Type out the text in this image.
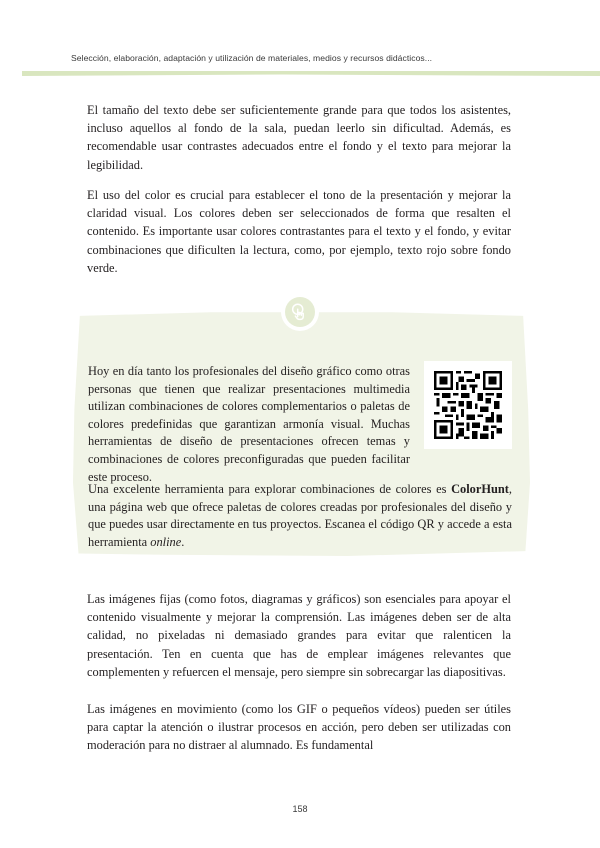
Selección, elaboración, adaptación y utilización de materiales, medios y recursos didácticos...

El tamaño del texto debe ser suficientemente grande para que todos los asistentes, incluso aquellos al fondo de la sala, puedan leerlo sin dificultad. Además, es recomendable usar contrastes adecuados entre el fondo y el texto para mejorar la legibilidad.

El uso del color es crucial para establecer el tono de la presentación y mejorar la claridad visual. Los colores deben ser seleccionados de forma que resalten el contenido. Es importante usar colores contrastantes para el texto y el fondo, y evitar combinaciones que dificulten la lectura, como, por ejemplo, texto rojo sobre fondo verde.

Hoy en día tanto los profesionales del diseño gráfico como otras personas que tienen que realizar presentaciones multimedia utilizan combinaciones de colores complementarios o paletas de colores predefinidas que garantizan armonía visual. Muchas herramientas de diseño de presentaciones ofrecen temas y combinaciones de colores preconfiguradas que pueden facilitar este proceso.

Una excelente herramienta para explorar combinaciones de colores es ColorHunt, una página web que ofrece paletas de colores creadas por profesionales del diseño y que puedes usar directamente en tus proyectos. Escanea el código QR y accede a esta herramienta online.

Las imágenes fijas (como fotos, diagramas y gráficos) son esenciales para apoyar el contenido visualmente y mejorar la comprensión. Las imágenes deben ser de alta calidad, no pixeladas ni demasiado grandes para evitar que ralenticen la presentación. Ten en cuenta que has de emplear imágenes relevantes que complementen y refuercen el mensaje, pero siempre sin sobrecargar las diapositivas.

Las imágenes en movimiento (como los GIF o pequeños vídeos) pueden ser útiles para captar la atención o ilustrar procesos en acción, pero deben ser utilizadas con moderación para no distraer al alumnado. Es fundamental

158
